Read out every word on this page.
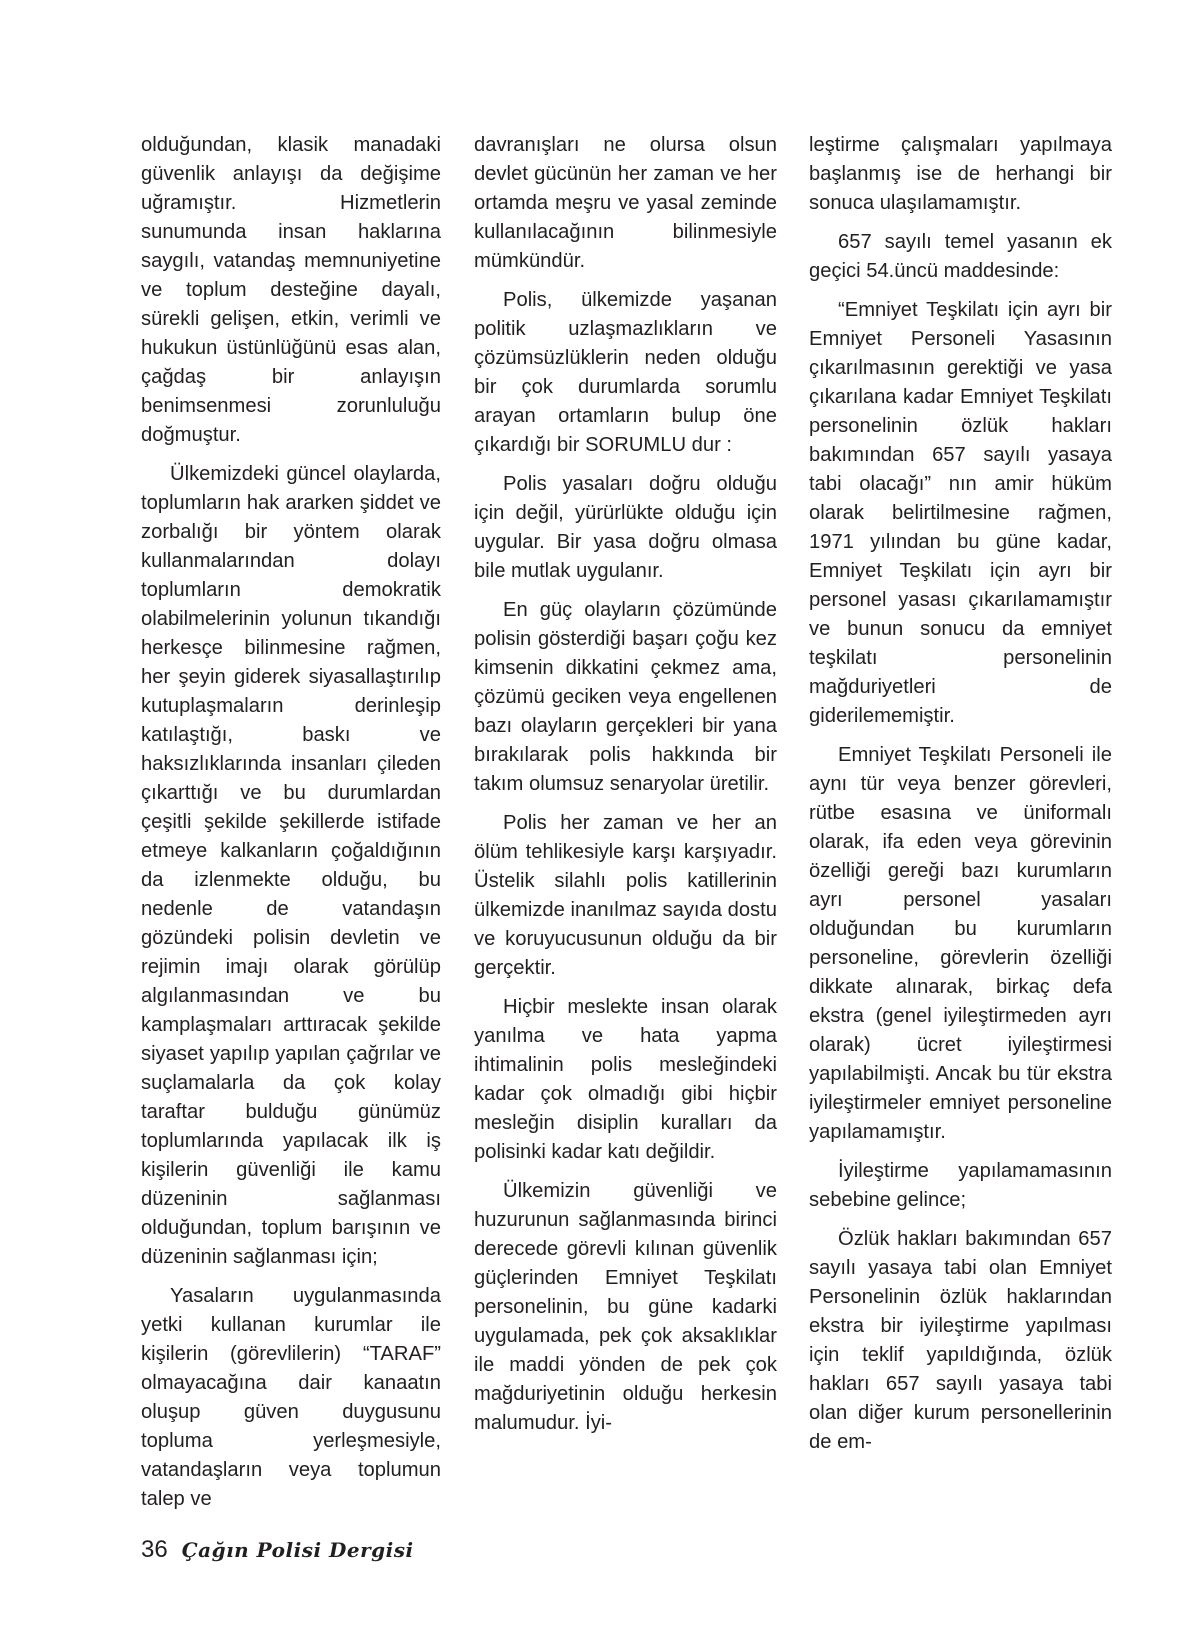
olduğundan, klasik manadaki güvenlik anlayışı da değişime uğramıştır. Hizmetlerin sunumunda insan haklarına saygılı, vatandaş memnuniyetine ve toplum desteğine dayalı, sürekli gelişen, etkin, verimli ve hukukun üstünlüğünü esas alan, çağdaş bir anlayışın benimsenmesi zorunluluğu doğmuştur.

Ülkemizdeki güncel olaylarda, toplumların hak ararken şiddet ve zorbalığı bir yöntem olarak kullanmalarından dolayı toplumların demokratik olabilmelerinin yolunun tıkandığı herkesçe bilinmesine rağmen, her şeyin giderek siyasallaştırılıp kutuplaşmaların derinleşip katılaştığı, baskı ve haksızlıklarında insanları çileden çıkarttığı ve bu durumlardan çeşitli şekilde şekillerde istifade etmeye kalkanların çoğaldığının da izlenmekte olduğu, bu nedenle de vatandaşın gözündeki polisin devletin ve rejimin imajı olarak görülüp algılanmasından ve bu kamplaşmaları arttıracak şekilde siyaset yapılıp yapılan çağrılar ve suçlamalarla da çok kolay taraftar bulduğu günümüz toplumlarında yapılacak ilk iş kişilerin güvenliği ile kamu düzeninin sağlanması olduğundan, toplum barışının ve düzeninin sağlanması için;

Yasaların uygulanmasında yetki kullanan kurumlar ile kişilerin (görevlilerin) “TARAF” olmayacağına dair kanaatın oluşup güven duygusunu topluma yerleşmesiyle, vatandaşların veya toplumun talep ve

davranışları ne olursa olsun devlet gücünün her zaman ve her ortamda meşru ve yasal zeminde kullanılacağının bilinmesiyle mümkündür.

Polis, ülkemizde yaşanan politik uzlaşmazlıkların ve çözümsüzlüklerin neden olduğu bir çok durumlarda sorumlu arayan ortamların bulup öne çıkardığı bir SORUMLU dur :

Polis yasaları doğru olduğu için değil, yürürlükte olduğu için uygular. Bir yasa doğru olmasa bile mutlak uygulanır.

En güç olayların çözümünde polisin gösterdiği başarı çoğu kez kimsenin dikkatini çekmez ama, çözümü geciken veya engellenen bazı olayların gerçekleri bir yana bırakılarak polis hakkında bir takım olumsuz senaryolar üretilir.

Polis her zaman ve her an ölüm tehlikesiyle karşı karşıyadır. Üstelik silahlı polis katillerinin ülkemizde inanılmaz sayıda dostu ve koruyucusunun olduğu da bir gerçektir.

Hiçbir meslekte insan olarak yanılma ve hata yapma ihtimalinin polis mesleğindeki kadar çok olmadığı gibi hiçbir mesleğin disiplin kuralları da polisinki kadar katı değildir.

Ülkemizin güvenliği ve huzurunun sağlanmasında birinci derecede görevli kılınan güvenlik güçlerinden Emniyet Teşkilatı personelinin, bu güne kadarki uygulamada, pek çok aksaklıklar ile maddi yönden de pek çok mağduriyetinin olduğu herkesin malumudur. İyi-

leştirme çalışmaları yapılmaya başlanmış ise de herhangi bir sonuca ulaşılamamıştır.

657 sayılı temel yasanın ek geçici 54.üncü maddesinde:

“Emniyet Teşkilatı için ayrı bir Emniyet Personeli Yasasının çıkarılmasının gerektiği ve yasa çıkarılana kadar Emniyet Teşkilatı personelinin özlük hakları bakımından 657 sayılı yasaya tabi olacağı” nın amir hüküm olarak belirtilmesine rağmen, 1971 yılından bu güne kadar, Emniyet Teşkilatı için ayrı bir personel yasası çıkarılamamıştır ve bunun sonucu da emniyet teşkilatı personelinin mağduriyetleri de giderilememiştir.

Emniyet Teşkilatı Personeli ile aynı tür veya benzer görevleri, rütbe esasına ve üniformalı olarak, ifa eden veya görevinin özelliği gereği bazı kurumların ayrı personel yasaları olduğundan bu kurumların personeline, görevlerin özelliği dikkate alınarak, birkaç defa ekstra (genel iyileştirmeden ayrı olarak) ücret iyileştirmesi yapılabilmişti. Ancak bu tür ekstra iyileştirmeler emniyet personeline yapılamamıştır.

İyileştirme yapılamamasının sebebine gelince;

Özlük hakları bakımından 657 sayılı yasaya tabi olan Emniyet Personelinin özlük haklarından ekstra bir iyileştirme yapılması için teklif yapıldığında, özlük hakları 657 sayılı yasaya tabi olan diğer kurum personellerinin de em-

36 Çağın Polisi Dergisi
